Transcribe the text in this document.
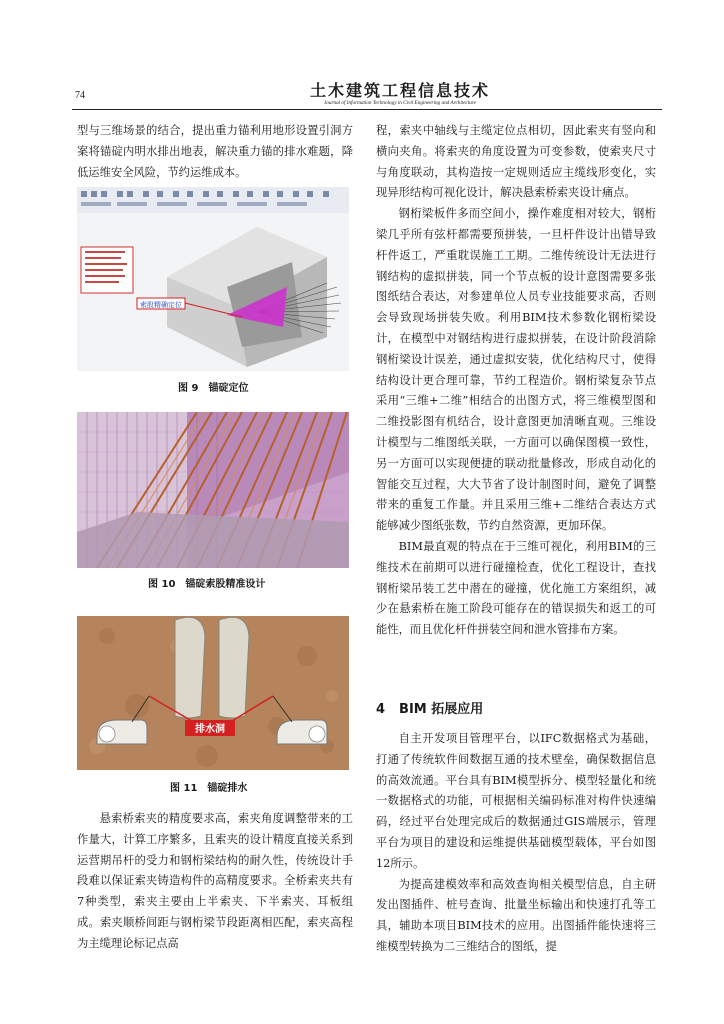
74	土木建筑工程信息技术
Journal of Information Technology in Civil Engineering and Architecture

型与三维场景的结合，提出重力锚利用地形设置引洞方案将锚碇内明水排出地表，解决重力锚的排水难题，降低运维安全风险，节约运维成本。

索股精确定位
图 9 锚碇定位
图 10 锚碇索股精准设计
排水洞
图 11 锚碇排水

悬索桥索夹的精度要求高，索夹角度调整带来的工作量大，计算工序繁多，且索夹的设计精度直接关系到运营期吊杆的受力和钢桁梁结构的耐久性，传统设计手段难以保证索夹铸造构件的高精度要求。全桥索夹共有7种类型，索夹主要由上半索夹、下半索夹、耳板组成。索夹顺桥间距与钢桁梁节段距离相匹配，索夹高程为主缆理论标记点高

程，索夹中轴线与主缆定位点相切，因此索夹有竖向和横向夹角。将索夹的角度设置为可变参数，使索夹尺寸与角度联动，其构造按一定规则适应主缆线形变化，实现异形结构可视化设计，解决悬索桥索夹设计痛点。

钢桁梁板件多而空间小，操作难度相对较大，钢桁梁几乎所有弦杆都需要预拼装，一旦杆件设计出错导致杆件返工，严重耽误施工工期。二维传统设计无法进行钢结构的虚拟拼装，同一个节点板的设计意图需要多张图纸结合表达，对参建单位人员专业技能要求高，否则会导致现场拼装失败。利用BIM技术参数化钢桁梁设计，在模型中对钢结构进行虚拟拼装，在设计阶段消除钢桁梁设计误差，通过虚拟安装，优化结构尺寸，使得结构设计更合理可靠，节约工程造价。钢桁梁复杂节点采用“三维+二维”相结合的出图方式，将三维模型图和二维投影图有机结合，设计意图更加清晰直观。三维设计模型与二维图纸关联，一方面可以确保图模一致性，另一方面可以实现便捷的联动批量修改，形成自动化的智能交互过程，大大节省了设计制图时间，避免了调整带来的重复工作量。并且采用三维+二维结合表达方式能够减少图纸张数，节约自然资源，更加环保。

BIM最直观的特点在于三维可视化，利用BIM的三维技术在前期可以进行碰撞检查，优化工程设计，查找钢桁梁吊装工艺中潜在的碰撞，优化施工方案组织，减少在悬索桥在施工阶段可能存在的错误损失和返工的可能性，而且优化杆件拼装空间和泄水管排布方案。

4 BIM 拓展应用

自主开发项目管理平台，以IFC数据格式为基础，打通了传统软件间数据互通的技术壁垒，确保数据信息的高效流通。平台具有BIM模型拆分、模型轻量化和统一数据格式的功能，可根据相关编码标准对构件快速编码，经过平台处理完成后的数据通过GIS端展示，管理平台为项目的建设和运维提供基础模型载体，平台如图12所示。

为提高建模效率和高效查询相关模型信息，自主研发出图插件、桩号查询、批量坐标输出和快速打孔等工具，辅助本项目BIM技术的应用。出图插件能快速将三维模型转换为二三维结合的图纸，提
